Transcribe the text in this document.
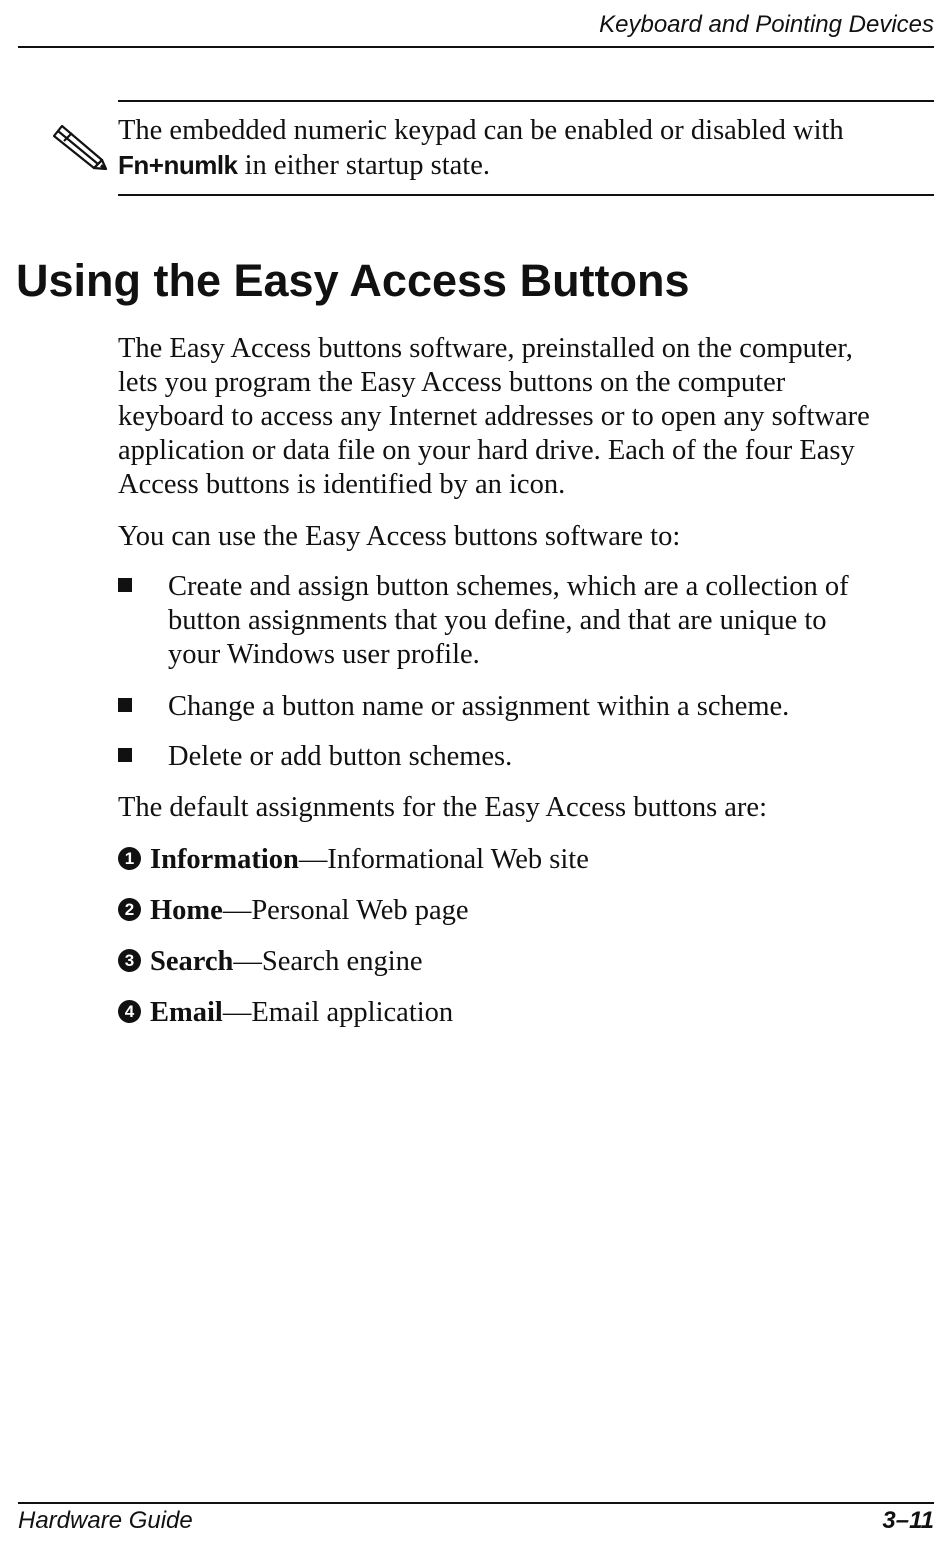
Keyboard and Pointing Devices
The embedded numeric keypad can be enabled or disabled with
Fn+numlk in either startup state.
Using the Easy Access Buttons
The Easy Access buttons software, preinstalled on the computer,
lets you program the Easy Access buttons on the computer
keyboard to access any Internet addresses or to open any software
application or data file on your hard drive. Each of the four Easy
Access buttons is identified by an icon.
You can use the Easy Access buttons software to:
Create and assign button schemes, which are a collection of
button assignments that you define, and that are unique to
your Windows user profile.
Change a button name or assignment within a scheme.
Delete or add button schemes.
The default assignments for the Easy Access buttons are:
1 Information—Informational Web site
2 Home—Personal Web page
3 Search—Search engine
4 Email—Email application
Hardware Guide	3–11
